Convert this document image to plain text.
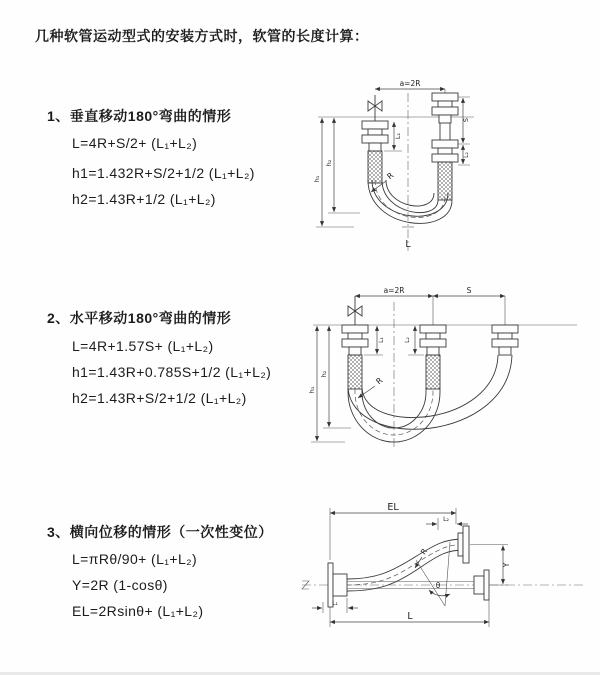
几种软管运动型式的安装方式时，软管的长度计算：
1、垂直移动180°弯曲的情形
L=4R+S/2+ (L₁+L₂)
h1=1.432R+S/2+1/2 (L₁+L₂)
h2=1.43R+1/2 (L₁+L₂)
2、水平移动180°弯曲的情形
L=4R+1.57S+ (L₁+L₂)
h1=1.43R+0.785S+1/2 (L₁+L₂)
h2=1.43R+S/2+1/2 (L₁+L₂)
3、横向位移的情形（一次性变位）
L=πRθ/90+ (L₁+L₂)
Y=2R (1-cosθ)
EL=2Rsinθ+ (L₁+L₂)
a=2R
L₁
S
L₂
h₁
h₂
R
L
a=2R	S
L₁	L₂
h₁
h₂
R
EL
L₂
Y
θ
R
L₁
L
